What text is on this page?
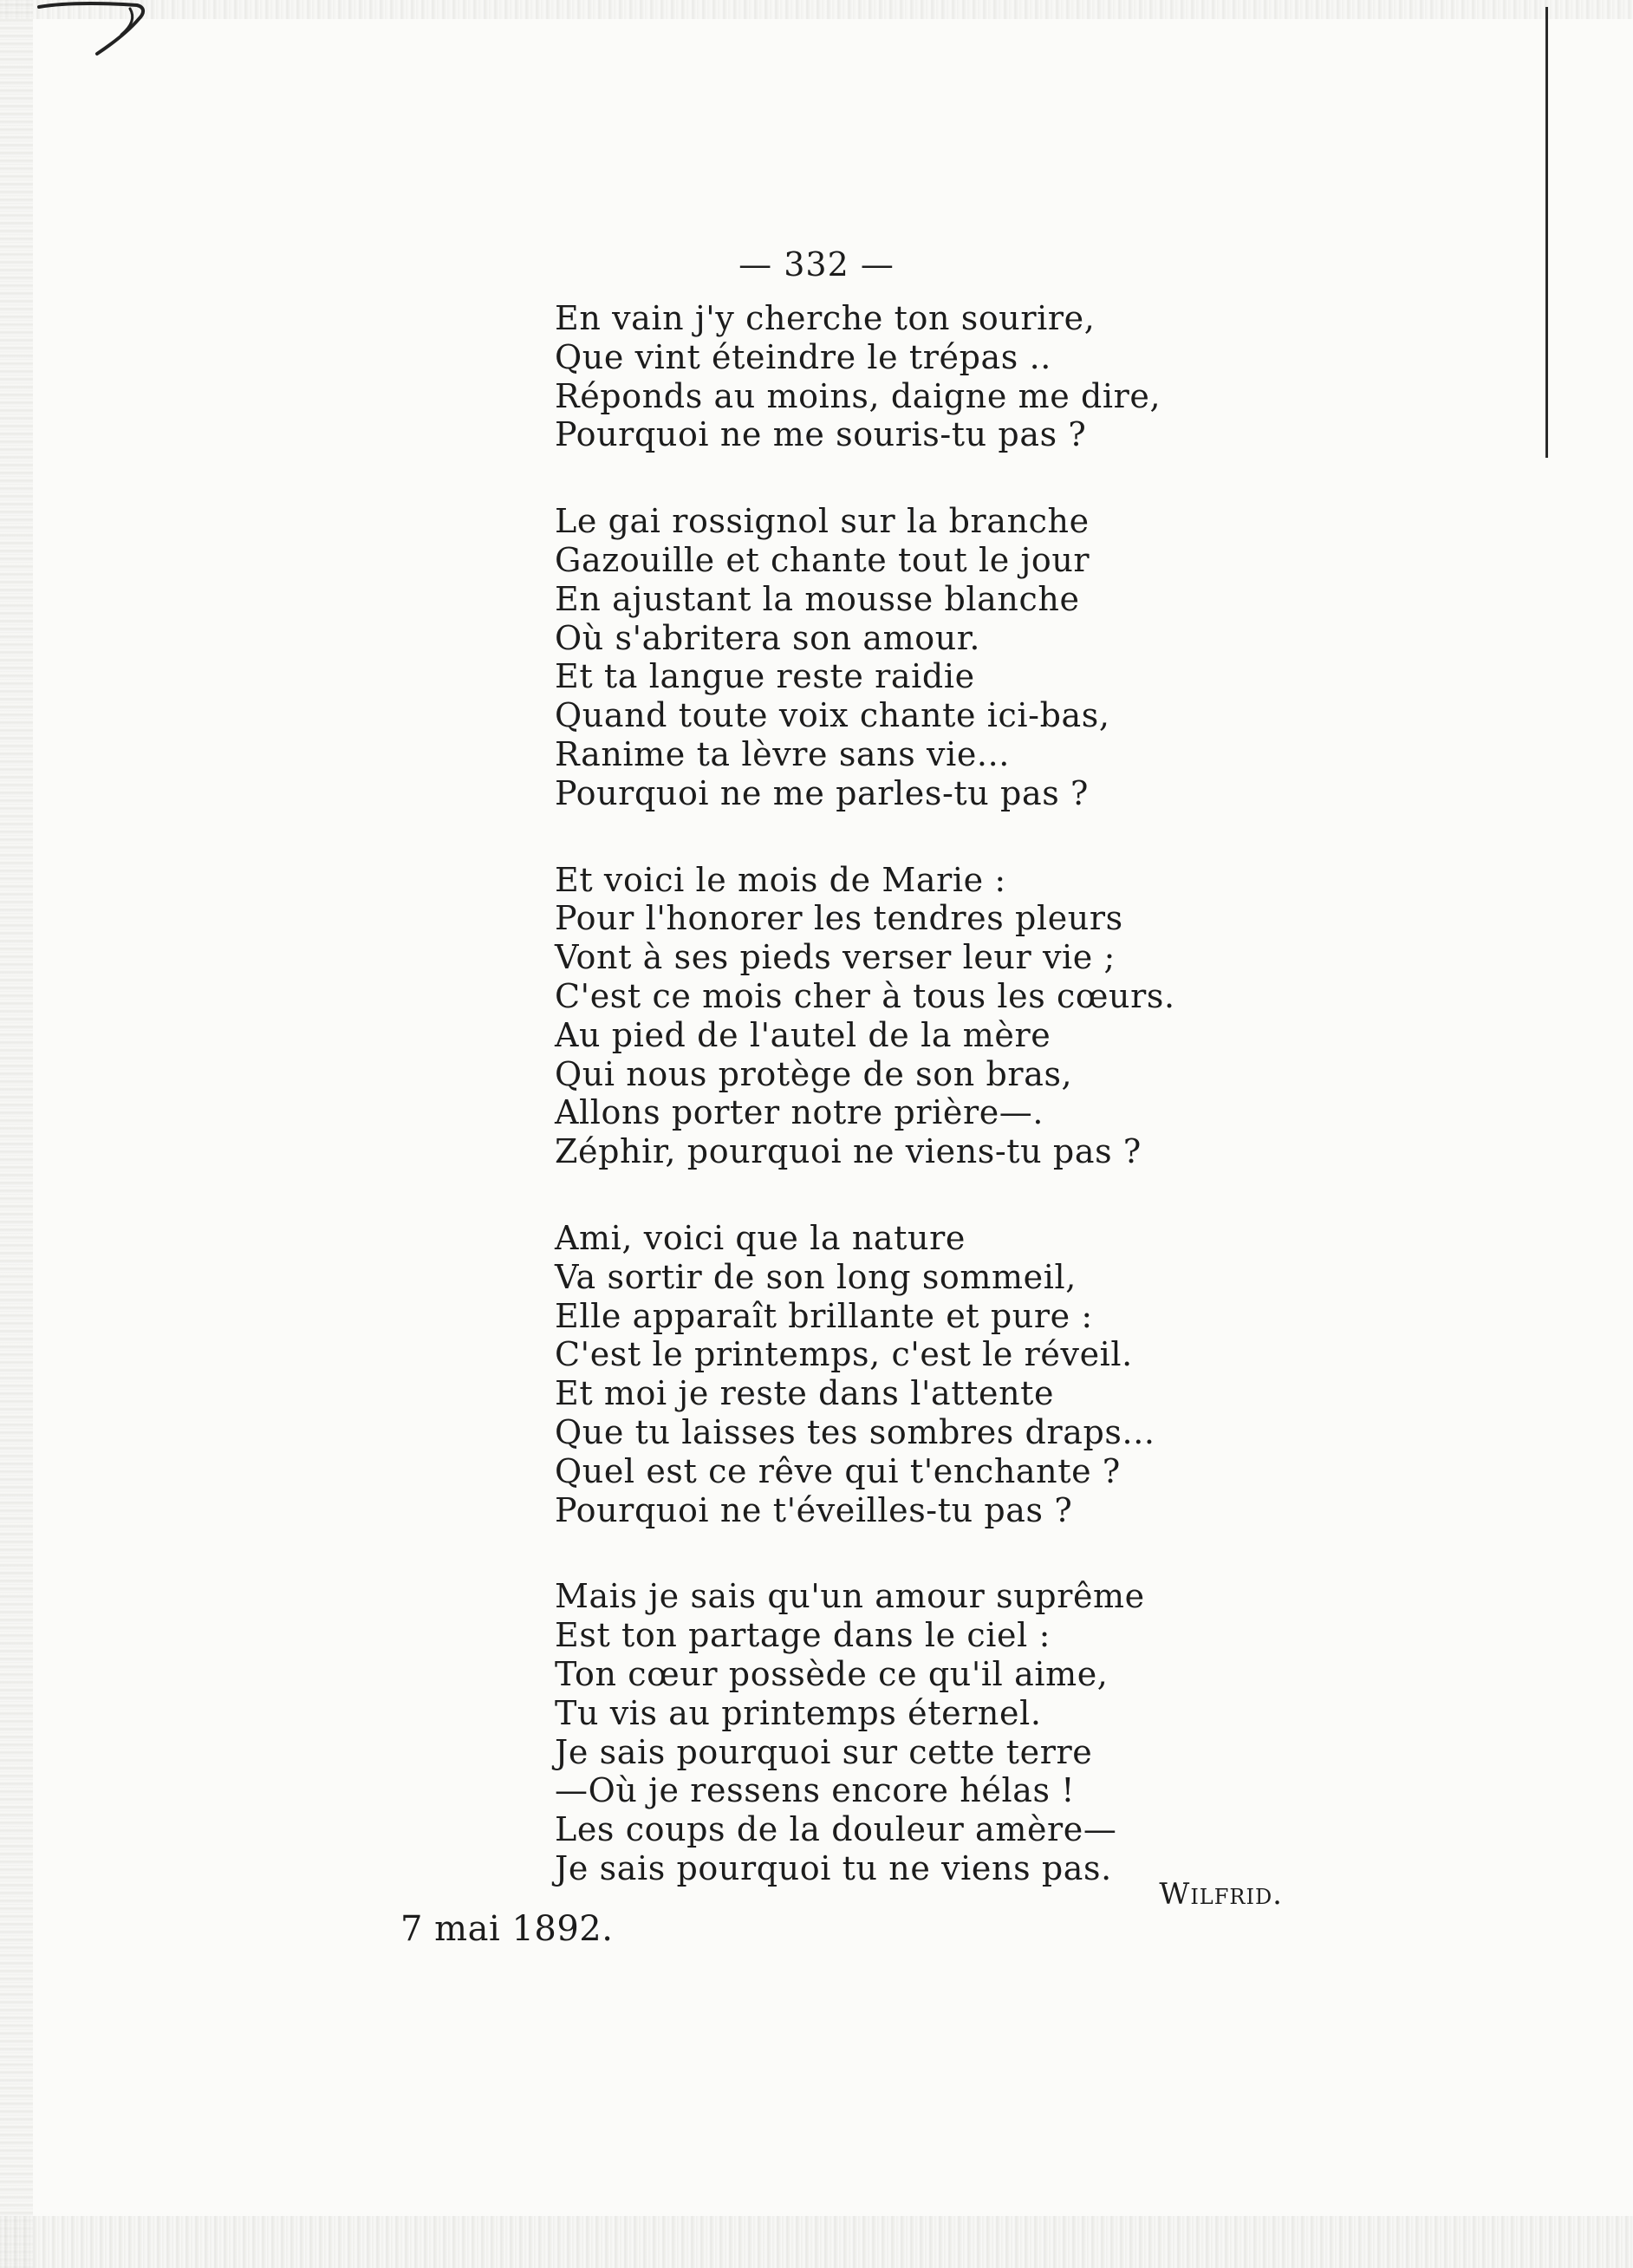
— 332 —
En vain j'y cherche ton sourire,
Que vint éteindre le trépas ..
Réponds au moins, daigne me dire,
Pourquoi ne me souris-tu pas ?
Le gai rossignol sur la branche
Gazouille et chante tout le jour
En ajustant la mousse blanche
Où s'abritera son amour.
Et ta langue reste raidie
Quand toute voix chante ici-bas,
Ranime ta lèvre sans vie...
Pourquoi ne me parles-tu pas ?
Et voici le mois de Marie :
Pour l'honorer les tendres pleurs
Vont à ses pieds verser leur vie ;
C'est ce mois cher à tous les cœurs.
Au pied de l'autel de la mère
Qui nous protège de son bras,
Allons porter notre prière—.
Zéphir, pourquoi ne viens-tu pas ?
Ami, voici que la nature
Va sortir de son long sommeil,
Elle apparaît brillante et pure :
C'est le printemps, c'est le réveil.
Et moi je reste dans l'attente
Que tu laisses tes sombres draps...
Quel est ce rêve qui t'enchante ?
Pourquoi ne t'éveilles-tu pas ?
Mais je sais qu'un amour suprême
Est ton partage dans le ciel :
Ton cœur possède ce qu'il aime,
Tu vis au printemps éternel.
Je sais pourquoi sur cette terre
—Où je ressens encore hélas !
Les coups de la douleur amère—
Je sais pourquoi tu ne viens pas.
Wilfrid.
7 mai 1892.
